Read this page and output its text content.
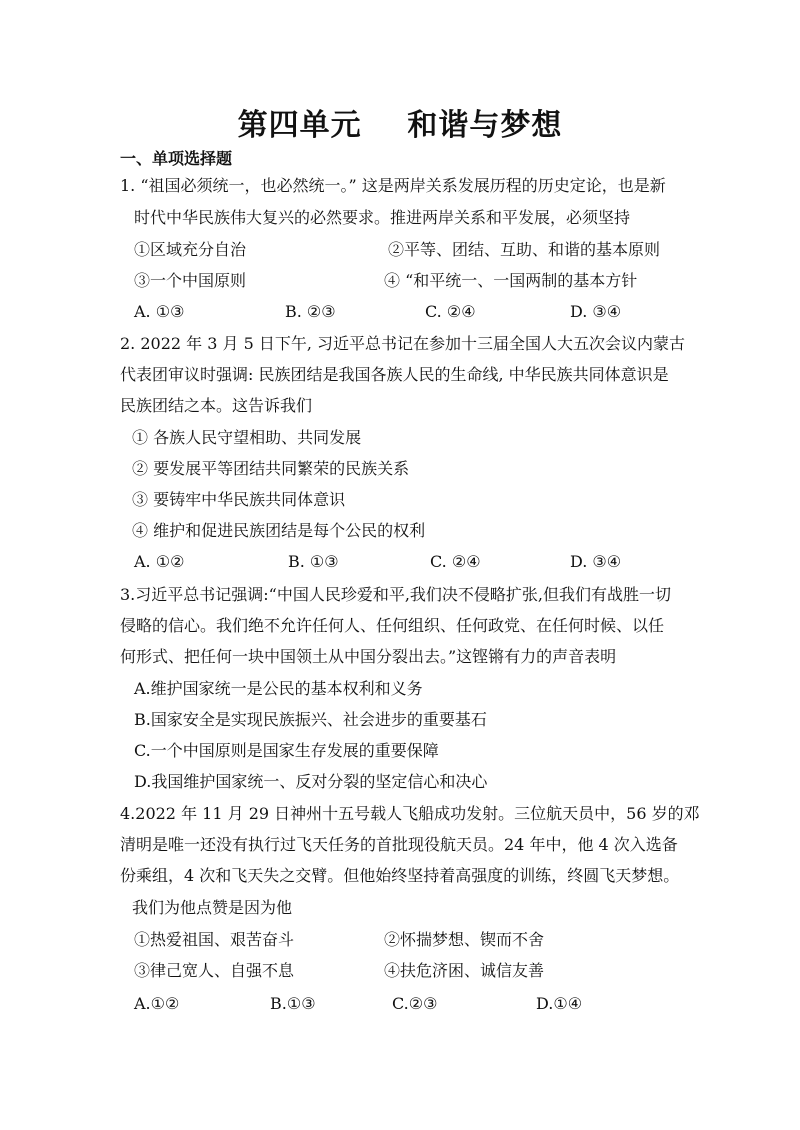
第四单元    和谐与梦想
一、单项选择题
1. “祖国必须统一，也必然统一。” 这是两岸关系发展历程的历史定论，也是新
时代中华民族伟大复兴的必然要求。推进两岸关系和平发展，必须坚持
①区域充分自治	②平等、团结、互助、和谐的基本原则
③一个中国原则	④ “和平统一、一国两制的基本方针
A. ①③	B. ②③	C. ②④	D. ③④
2. 2022 年 3 月 5 日下午, 习近平总书记在参加十三届全国人大五次会议内蒙古
代表团审议时强调: 民族团结是我国各族人民的生命线, 中华民族共同体意识是
民族团结之本。这告诉我们
① 各族人民守望相助、共同发展
② 要发展平等团结共同繁荣的民族关系
③ 要铸牢中华民族共同体意识
④ 维护和促进民族团结是每个公民的权利
A. ①②	B. ①③	C. ②④	D. ③④
3.习近平总书记强调:“中国人民珍爱和平,我们决不侵略扩张,但我们有战胜一切
侵略的信心。我们绝不允许任何人、任何组织、任何政党、在任何时候、以任
何形式、把任何一块中国领土从中国分裂出去。”这铿锵有力的声音表明
A.维护国家统一是公民的基本权利和义务
B.国家安全是实现民族振兴、社会进步的重要基石
C.一个中国原则是国家生存发展的重要保障
D.我国维护国家统一、反对分裂的坚定信心和决心
4.2022 年 11 月 29 日神州十五号载人飞船成功发射。三位航天员中，56 岁的邓
清明是唯一还没有执行过飞天任务的首批现役航天员。24 年中，他 4 次入选备
份乘组，4 次和飞天失之交臂。但他始终坚持着高强度的训练，终圆飞天梦想。
我们为他点赞是因为他
①热爱祖国、艰苦奋斗	②怀揣梦想、锲而不舍
③律己宽人、自强不息	④扶危济困、诚信友善
A.①②	B.①③	C.②③	D.①④
